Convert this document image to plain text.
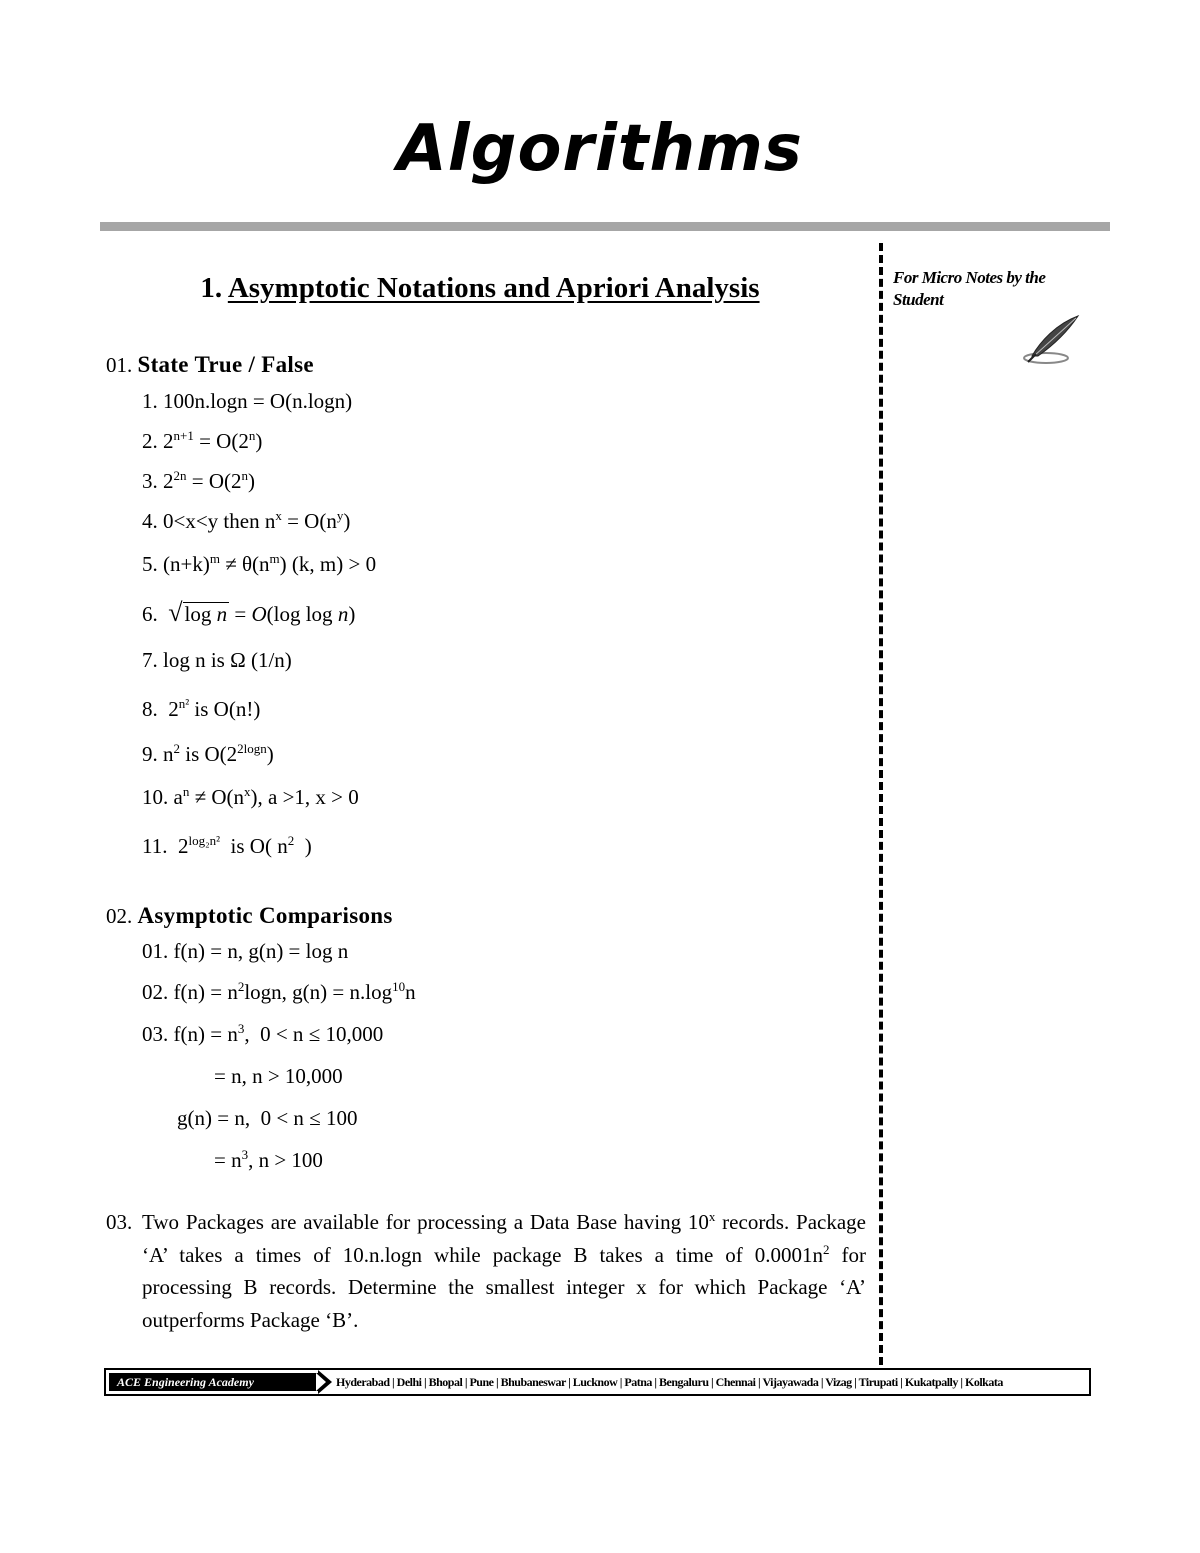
Algorithms
For Micro Notes by the Student
1. Asymptotic Notations and Apriori Analysis
01. State True / False
1. 100n.logn = O(n.logn)
2. $2^{n+1} = O(2^n)$
3. $2^{2n} = O(2^n)$
4. 0<x<y then $n^x = O(n^y)$
5. $(n+k)^m \ne \theta(n^m)$ (k, m) > 0
6.  √log n = O(log log n)
7. log n is Ω (1/n)
8.  $2^{n^2}$ is O(n!)
9. $n^2$ is $O(2^{2logn})$
10. $a^n \ne O(n^x)$, a >1, x > 0
11.  $2^{log_2n^2}$  is O( $n^2$  )
02. Asymptotic Comparisons
01. f(n) = n, g(n) = log n
02. $f(n) = n^2\log n$, $g(n) = n.\log^{10}n$
03. $f(n) = n^3$,  0 < n ≤ 10,000
= n, n > 10,000
g(n) = n,  0 < n ≤ 100
= $n^3$, n > 100
03. Two Packages are available for processing a Data Base having 10$^x$ records. Package ‘A’ takes a times of 10.n.logn while package B takes a time of $0.0001n^2$ for processing B records. Determine the smallest integer x for which Package ‘A’ outperforms Package ‘B’.
ACE Engineering Academy	Hyderabad | Delhi | Bhopal | Pune | Bhubaneswar | Lucknow | Patna | Bengaluru | Chennai | Vijayawada | Vizag | Tirupati | Kukatpally | Kolkata
